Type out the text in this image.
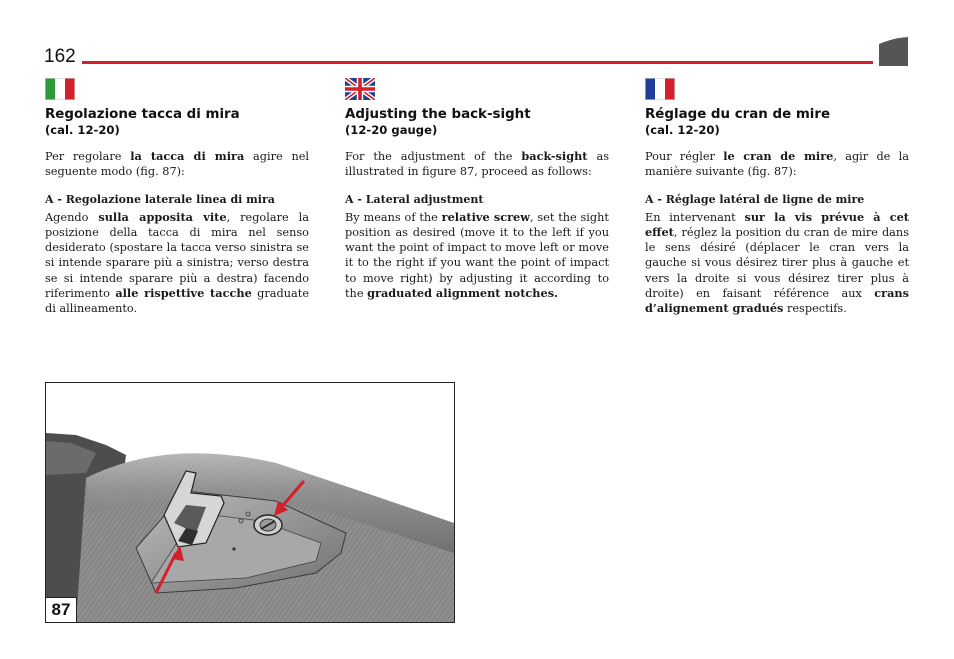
162
Regolazione tacca di mira
(cal. 12-20)
Per regolare la tacca di mira agire nel seguente modo (fig. 87):
A - Regolazione laterale linea di mira
Agendo sulla apposita vite, regolare la posizione della tacca di mira nel senso desiderato (spostare la tacca verso sinistra se si intende sparare più a sinistra; verso destra se si intende sparare più a destra) facendo riferimento alle rispettive tacche graduate di allineamento.
Adjusting the back-sight
(12-20 gauge)
For the adjustment of the back-sight as illustrated in figure 87, proceed as follows:
A - Lateral adjustment
By means of the relative screw, set the sight position as desired (move it to the left if you want the point of impact to move left or move it to the right if you want the point of impact to move right) by adjusting it according to the graduated alignment notches.
Réglage du cran de mire
(cal. 12-20)
Pour régler le cran de mire, agir de la manière suivante (fig. 87):
A - Réglage latéral de ligne de mire
En intervenant sur la vis prévue à cet effet, réglez la position du cran de mire dans le sens désiré (déplacer le cran vers la gauche si vous désirez tirer plus à gauche et vers la droite si vous désirez tirer plus à droite) en faisant référence aux crans d’alignement gradués respectifs.
87
